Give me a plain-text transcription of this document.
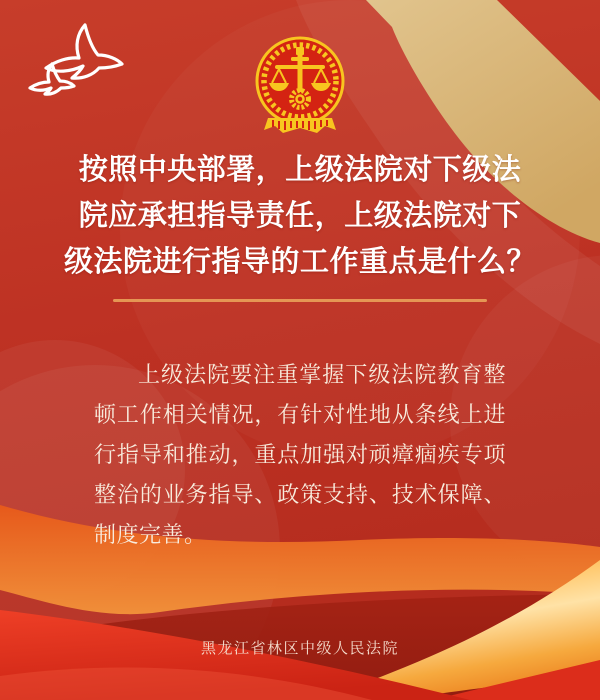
按照中央部署，上级法院对下级法
院应承担指导责任，上级法院对下
级法院进行指导的工作重点是什么？

上级法院要注重掌握下级法院教育整顿工作相关情况，有针对性地从条线上进行指导和推动，重点加强对顽瘴痼疾专项整治的业务指导、政策支持、技术保障、制度完善。

黑龙江省林区中级人民法院
